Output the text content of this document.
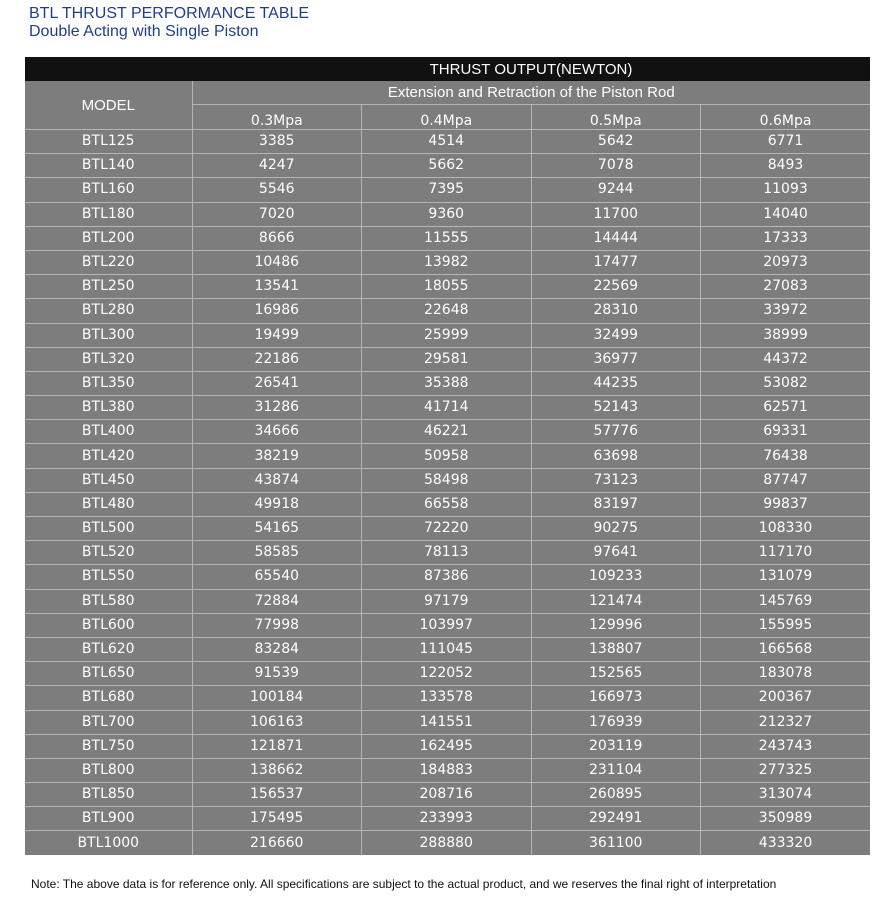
BTL THRUST PERFORMANCE TABLE
Double Acting with Single Piston
	THRUST OUTPUT(NEWTON)			
MODEL	Extension and Retraction of the Piston Rod			
	0.3Mpa	0.4Mpa	0.5Mpa	0.6Mpa
BTL125	3385	4514	5642	6771
BTL140	4247	5662	7078	8493
BTL160	5546	7395	9244	11093
BTL180	7020	9360	11700	14040
BTL200	8666	11555	14444	17333
BTL220	10486	13982	17477	20973
BTL250	13541	18055	22569	27083
BTL280	16986	22648	28310	33972
BTL300	19499	25999	32499	38999
BTL320	22186	29581	36977	44372
BTL350	26541	35388	44235	53082
BTL380	31286	41714	52143	62571
BTL400	34666	46221	57776	69331
BTL420	38219	50958	63698	76438
BTL450	43874	58498	73123	87747
BTL480	49918	66558	83197	99837
BTL500	54165	72220	90275	108330
BTL520	58585	78113	97641	117170
BTL550	65540	87386	109233	131079
BTL580	72884	97179	121474	145769
BTL600	77998	103997	129996	155995
BTL620	83284	111045	138807	166568
BTL650	91539	122052	152565	183078
BTL680	100184	133578	166973	200367
BTL700	106163	141551	176939	212327
BTL750	121871	162495	203119	243743
BTL800	138662	184883	231104	277325
BTL850	156537	208716	260895	313074
BTL900	175495	233993	292491	350989
BTL1000	216660	288880	361100	433320

Note: The above data is for reference only. All specifications are subject to the actual product, and we reserves the final right of interpretation
